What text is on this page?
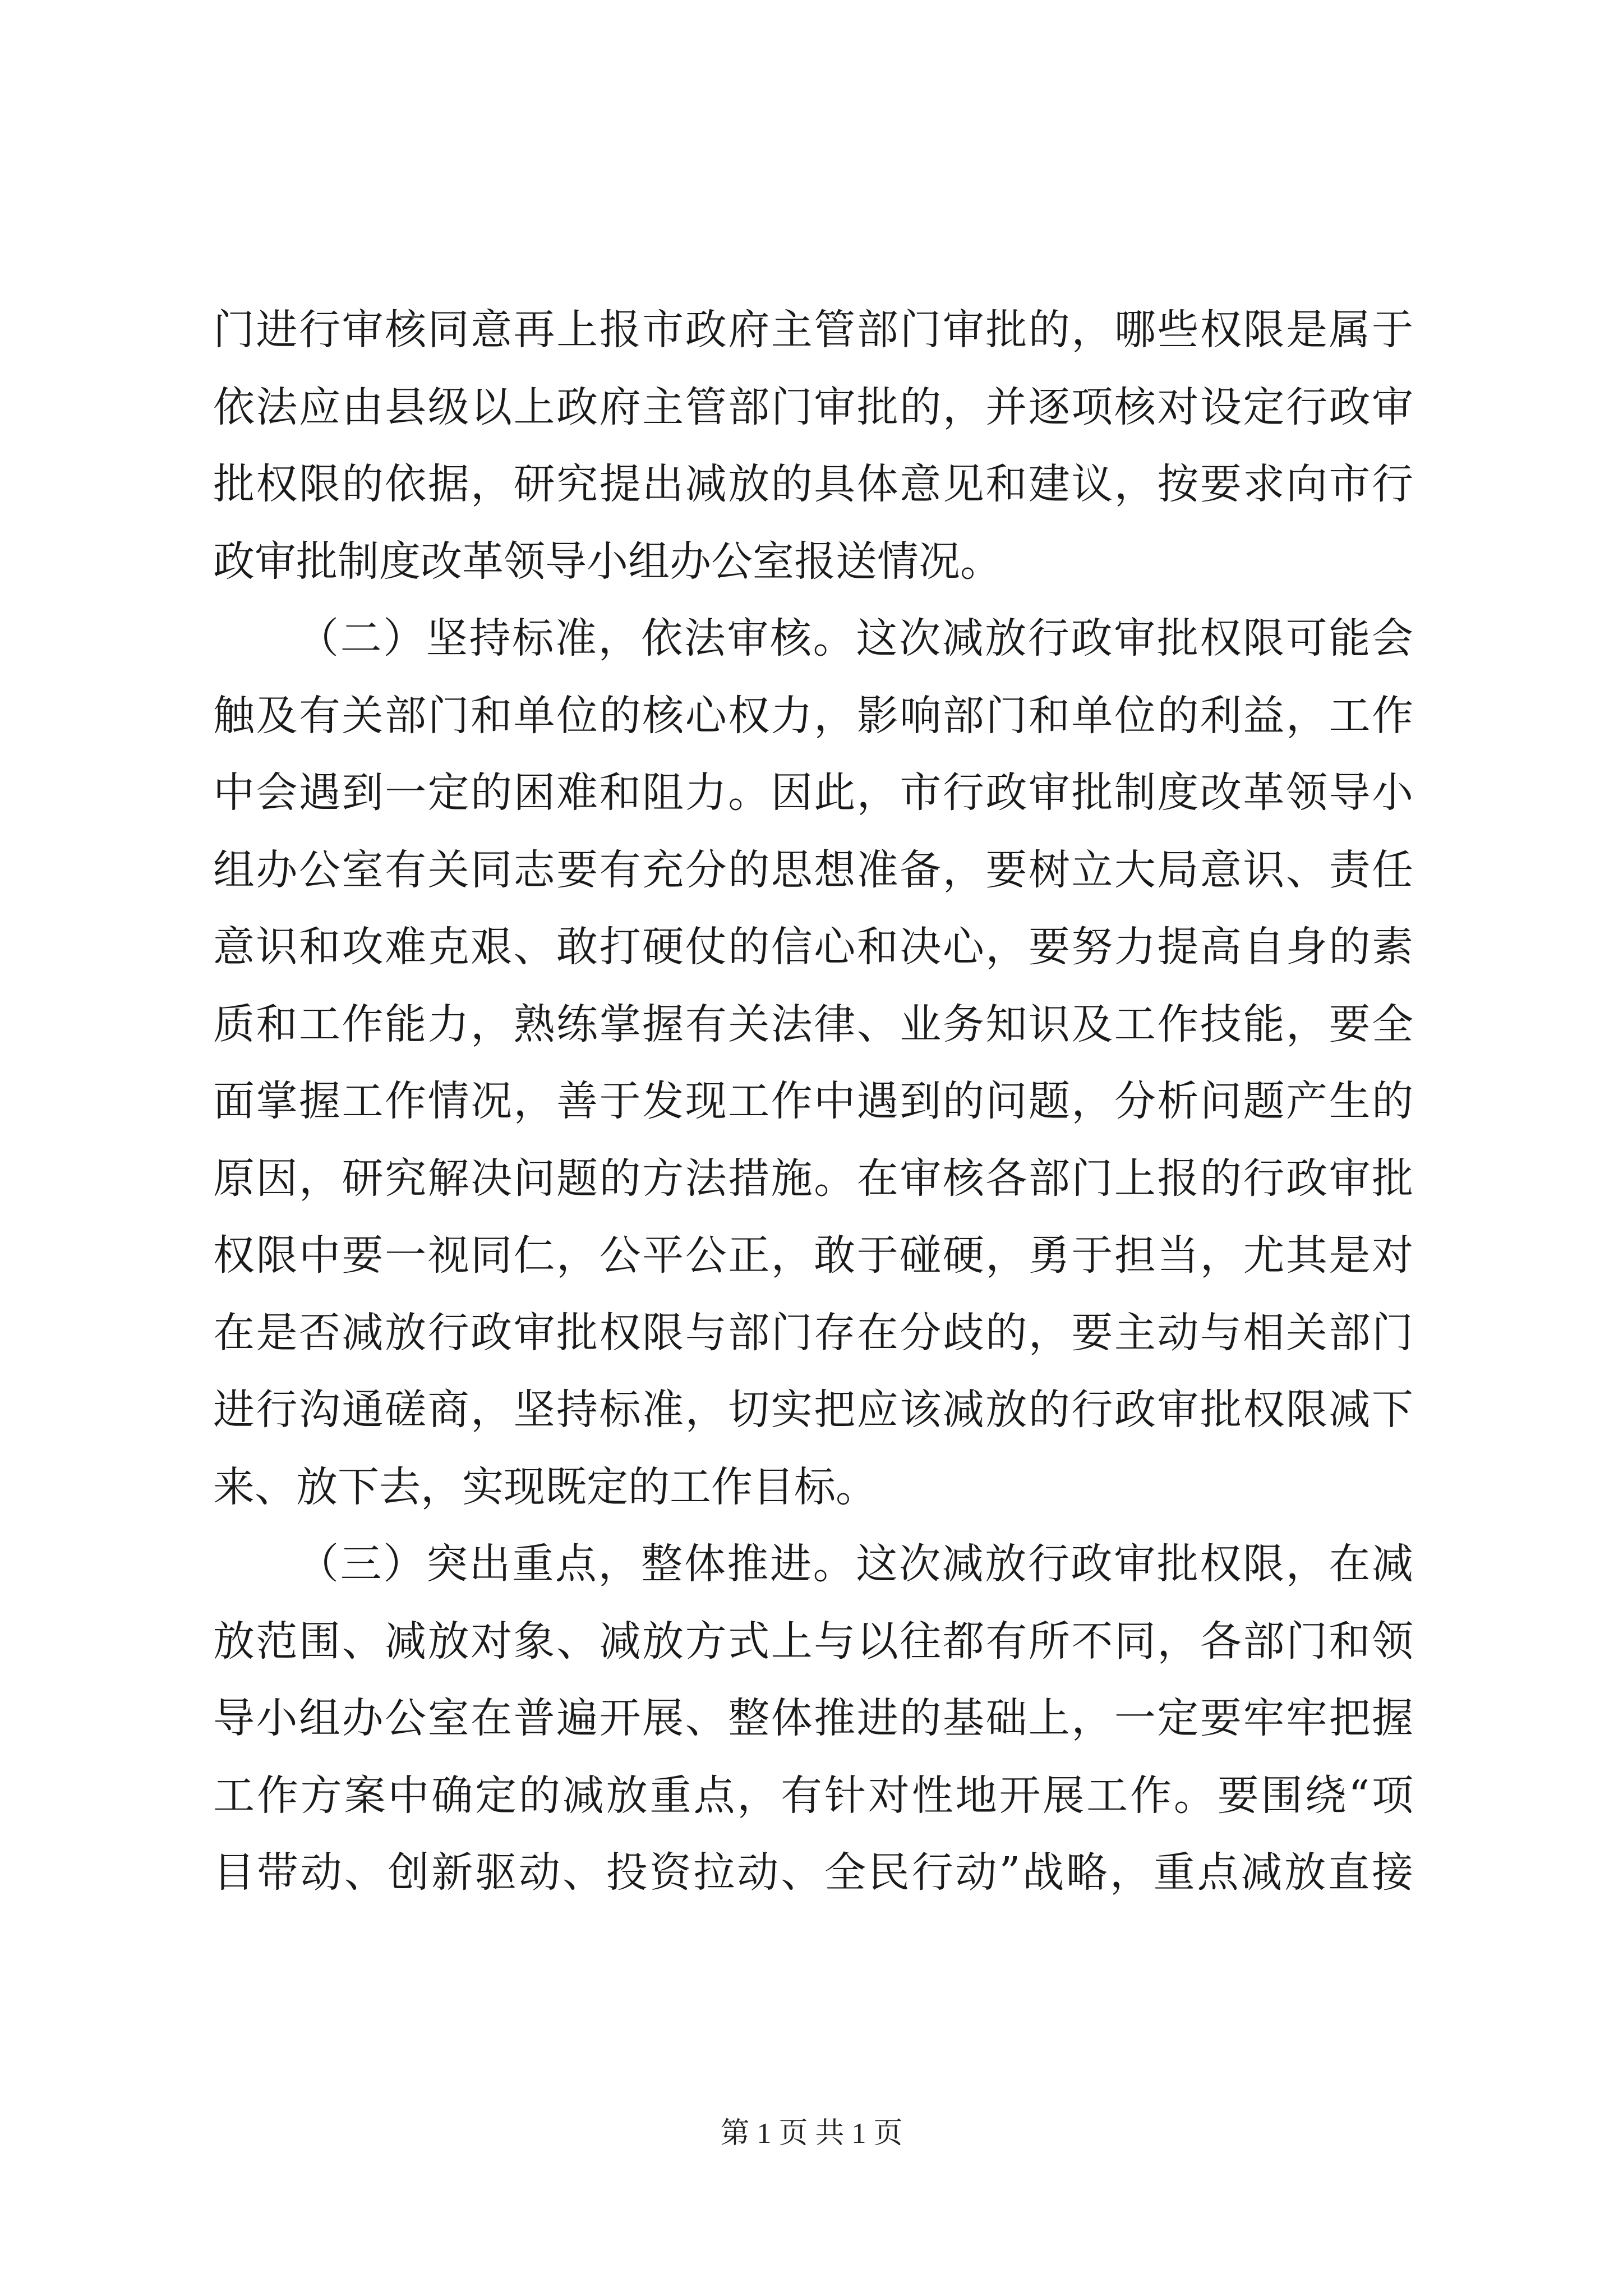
门进行审核同意再上报市政府主管部门审批的，哪些权限是属于
依法应由县级以上政府主管部门审批的，并逐项核对设定行政审
批权限的依据，研究提出减放的具体意见和建议，按要求向市行
政审批制度改革领导小组办公室报送情况。
（二）坚持标准，依法审核。这次减放行政审批权限可能会
触及有关部门和单位的核心权力，影响部门和单位的利益，工作
中会遇到一定的困难和阻力。因此，市行政审批制度改革领导小
组办公室有关同志要有充分的思想准备，要树立大局意识、责任
意识和攻难克艰、敢打硬仗的信心和决心，要努力提高自身的素
质和工作能力，熟练掌握有关法律、业务知识及工作技能，要全
面掌握工作情况，善于发现工作中遇到的问题，分析问题产生的
原因，研究解决问题的方法措施。在审核各部门上报的行政审批
权限中要一视同仁，公平公正，敢于碰硬，勇于担当，尤其是对
在是否减放行政审批权限与部门存在分歧的，要主动与相关部门
进行沟通磋商，坚持标准，切实把应该减放的行政审批权限减下
来、放下去，实现既定的工作目标。
（三）突出重点，整体推进。这次减放行政审批权限，在减
放范围、减放对象、减放方式上与以往都有所不同，各部门和领
导小组办公室在普遍开展、整体推进的基础上，一定要牢牢把握
工作方案中确定的减放重点，有针对性地开展工作。要围绕“项
目带动、创新驱动、投资拉动、全民行动”战略，重点减放直接
第 1 页 共 1 页
